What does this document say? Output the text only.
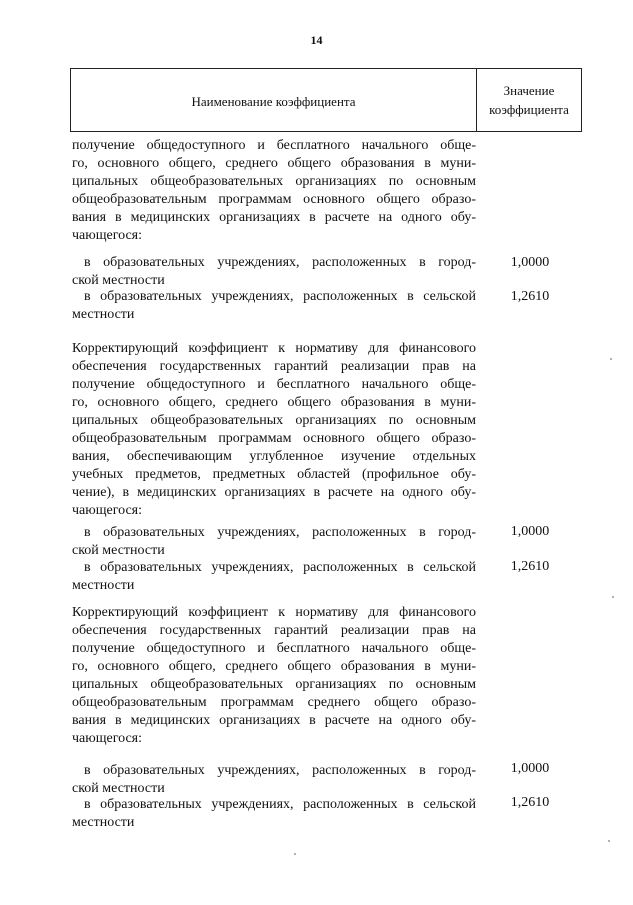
14
Наименование коэффициента
Значение
коэффициента
получение общедоступного и бесплатного начального обще-
го, основного общего, среднего общего образования в муни-
ципальных общеобразовательных организациях по основным
общеобразовательным программам основного общего образо-
вания в медицинских организациях в расчете на одного обу-
чающегося:
в образовательных учреждениях, расположенных в город-
ской местности
1,0000
в образовательных учреждениях, расположенных в сельской
местности
1,2610
Корректирующий коэффициент к нормативу для финансового
обеспечения государственных гарантий реализации прав на
получение общедоступного и бесплатного начального обще-
го, основного общего, среднего общего образования в муни-
ципальных общеобразовательных организациях по основным
общеобразовательным программам основного общего образо-
вания, обеспечивающим углубленное изучение отдельных
учебных предметов, предметных областей (профильное обу-
чение), в медицинских организациях в расчете на одного обу-
чающегося:
в образовательных учреждениях, расположенных в город-
ской местности
1,0000
в образовательных учреждениях, расположенных в сельской
местности
1,2610
Корректирующий коэффициент к нормативу для финансового
обеспечения государственных гарантий реализации прав на
получение общедоступного и бесплатного начального обще-
го, основного общего, среднего общего образования в муни-
ципальных общеобразовательных организациях по основным
общеобразовательным программам среднего общего образо-
вания в медицинских организациях в расчете на одного обу-
чающегося:
в образовательных учреждениях, расположенных в город-
ской местности
1,0000
в образовательных учреждениях, расположенных в сельской
местности
1,2610
